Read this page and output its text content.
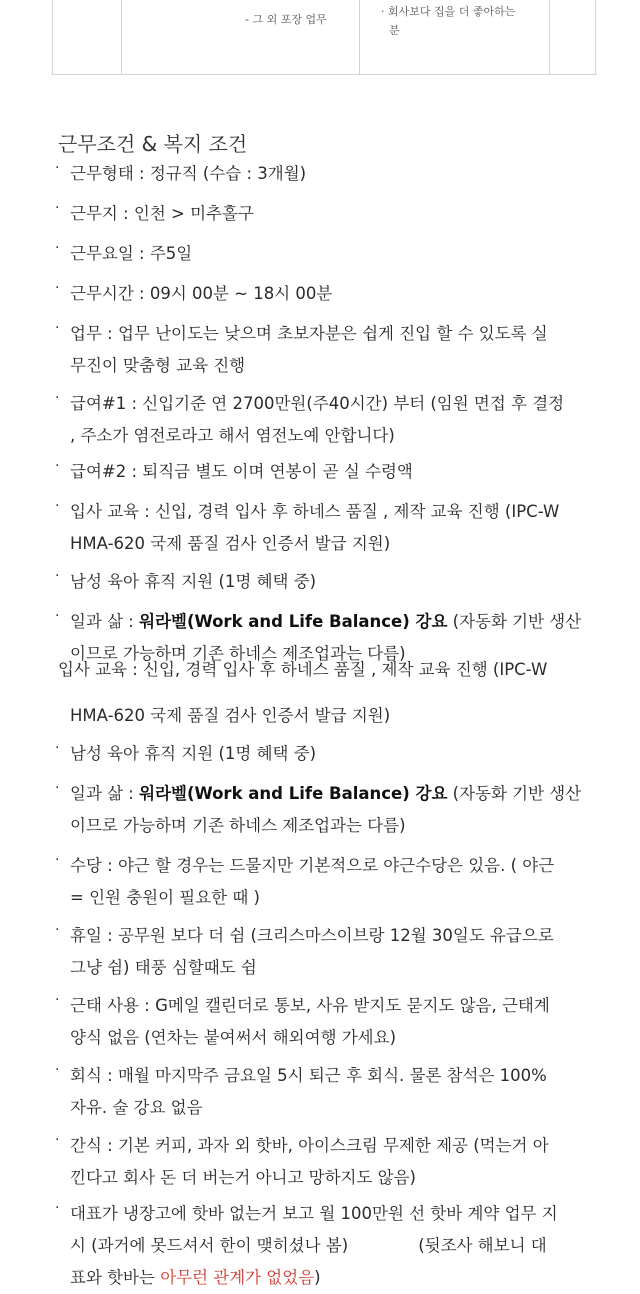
- 그 외 포장 업무
· 회사보다 집을 더 좋아하는
분
근무조건 & 복지 조건
· 근무형태 : 정규직 (수습 : 3개월)
· 근무지 : 인천 > 미추홀구
· 근무요일 : 주5일
· 근무시간 : 09시 00분 ~ 18시 00분
· 업무 : 업무 난이도는 낮으며 초보자분은 쉽게 진입 할 수 있도록 실
무진이 맞춤형 교육 진행
· 급여#1 : 신입기준 연 2700만원(주40시간) 부터 (임원 면접 후 결정
, 주소가 염전로라고 해서 염전노예 안합니다)
· 급여#2 : 퇴직금 별도 이며 연봉이 곧 실 수령액
· 입사 교육 : 신입, 경력 입사 후 하네스 품질 , 제작 교육 진행 (IPC-W
HMA-620 국제 품질 검사 인증서 발급 지원)
· 남성 육아 휴직 지원 (1명 혜택 중)
· 일과 삶 : 워라벨(Work and Life Balance) 강요 (자동화 기반 생산
이므로 가능하며 기존 하네스 제조업과는 다름)
입사 교육 : 신입, 경력 입사 후 하네스 품질 , 제작 교육 진행 (IPC-W
HMA-620 국제 품질 검사 인증서 발급 지원)
· 남성 육아 휴직 지원 (1명 혜택 중)
· 일과 삶 : 워라벨(Work and Life Balance) 강요 (자동화 기반 생산
이므로 가능하며 기존 하네스 제조업과는 다름)
· 수당 : 야근 할 경우는 드물지만 기본적으로 야근수당은 있음. ( 야근
= 인원 충원이 필요한 때 )
· 휴일 : 공무원 보다 더 쉼 (크리스마스이브랑 12월 30일도 유급으로
그냥 쉼) 태풍 심할때도 쉼
· 근태 사용 : G메일 캘린더로 통보, 사유 받지도 묻지도 않음, 근태계
양식 없음 (연차는 붙여써서 해외여행 가세요)
· 회식 : 매월 마지막주 금요일 5시 퇴근 후 회식. 물론 참석은 100%
자유. 술 강요 없음
· 간식 : 기본 커피, 과자 외 핫바, 아이스크림 무제한 제공 (먹는거 아
낀다고 회사 돈 더 버는거 아니고 망하지도 않음)
· 대표가 냉장고에 핫바 없는거 보고 월 100만원 선 핫바 계약 업무 지
시 (과거에 못드셔서 한이 맺히셨나 봄)	(뒷조사 해보니 대
표와 핫바는 아무런 관계가 없었음)
